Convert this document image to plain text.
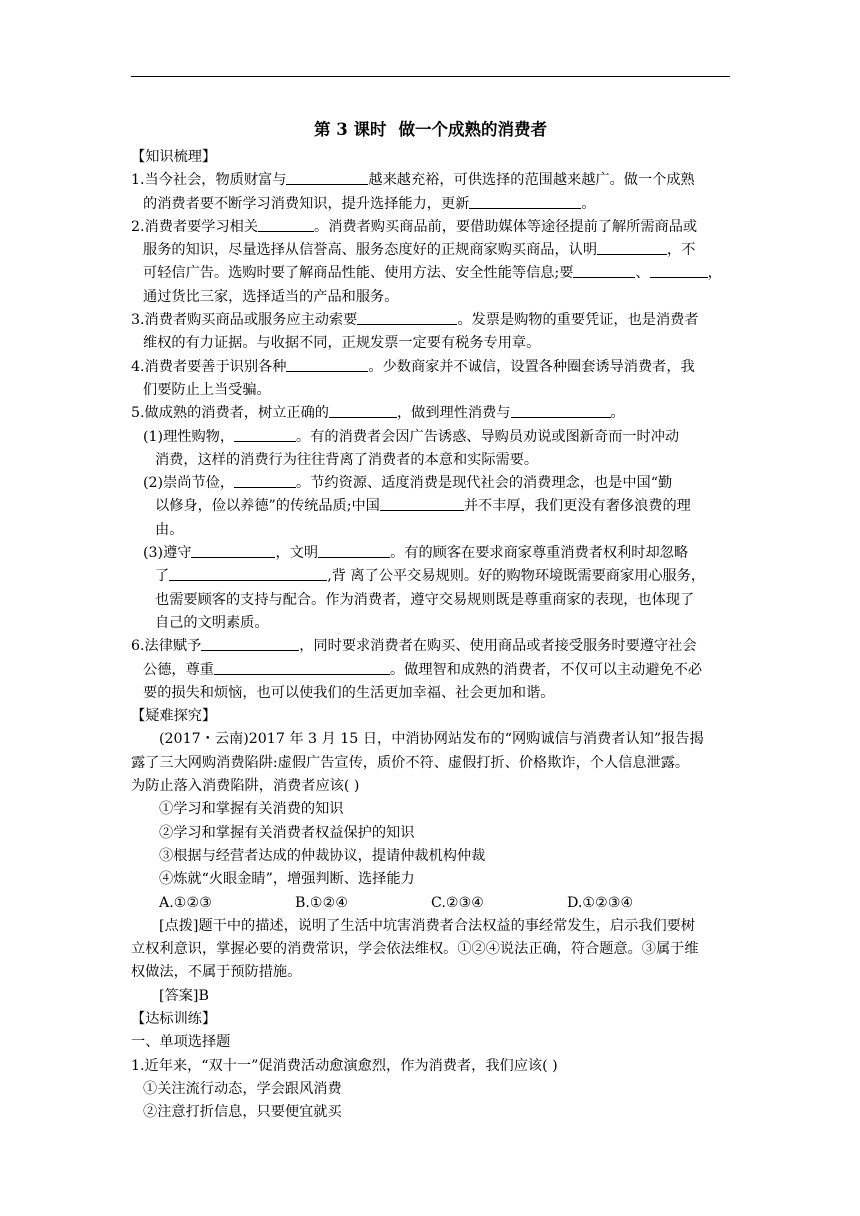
第 3 课时 做一个成熟的消费者
【知识梳理】
1.当今社会，物质财富与	越来越充裕，可供选择的范围越来越广。做一个成熟
的消费者要不断学习消费知识，提升选择能力，更新	。
2.消费者要学习相关	。消费者购买商品前，要借助媒体等途径提前了解所需商品或
服务的知识，尽量选择从信誉高、服务态度好的正规商家购买商品，认明	，不
可轻信广告。选购时要了解商品性能、使用方法、安全性能等信息;要	、	，
通过货比三家，选择适当的产品和服务。
3.消费者购买商品或服务应主动索要	。发票是购物的重要凭证，也是消费者
维权的有力证据。与收据不同，正规发票一定要有税务专用章。
4.消费者要善于识别各种	。少数商家并不诚信，设置各种圈套诱导消费者，我
们要防止上当受骗。
5.做成熟的消费者，树立正确的	，做到理性消费与	。
(1)理性购物，	。有的消费者会因广告诱惑、导购员劝说或图新奇而一时冲动
消费，这样的消费行为往往背离了消费者的本意和实际需要。
(2)崇尚节俭，	。节约资源、适度消费是现代社会的消费理念，也是中国“勤
以修身，俭以养德”的传统品质;中国	并不丰厚，我们更没有奢侈浪费的理
由。
(3)遵守	，文明	。有的顾客在要求商家尊重消费者权利时却忽略
了	,背 离了公平交易规则。好的购物环境既需要商家用心服务，
也需要顾客的支持与配合。作为消费者，遵守交易规则既是尊重商家的表现，也体现了
自己的文明素质。
6.法律赋予	，同时要求消费者在购买、使用商品或者接受服务时要遵守社会
公德，尊重	。做理智和成熟的消费者，不仅可以主动避免不必
要的损失和烦恼，也可以使我们的生活更加幸福、社会更加和谐。
【疑难探究】
(2017・云南)2017 年 3 月 15 日，中消协网站发布的“网购诚信与消费者认知”报告揭
露了三大网购消费陷阱:虚假广告宣传，质价不符、虚假打折、价格欺诈，个人信息泄露。
为防止落入消费陷阱，消费者应该( )
①学习和掌握有关消费的知识
②学习和掌握有关消费者权益保护的知识
③根据与经营者达成的仲裁协议，提请仲裁机构仲裁
④炼就“火眼金睛”，增强判断、选择能力
A.①②③	B.①②④	C.②③④	D.①②③④
[点拨]题干中的描述，说明了生活中坑害消费者合法权益的事经常发生，启示我们要树
立权利意识，掌握必要的消费常识，学会依法维权。①②④说法正确，符合题意。③属于维
权做法，不属于预防措施。
[答案]B
【达标训练】
一、单项选择题
1.近年来，“双十一”促消费活动愈演愈烈，作为消费者，我们应该( )
①关注流行动态，学会跟风消费
②注意打折信息，只要便宜就买
